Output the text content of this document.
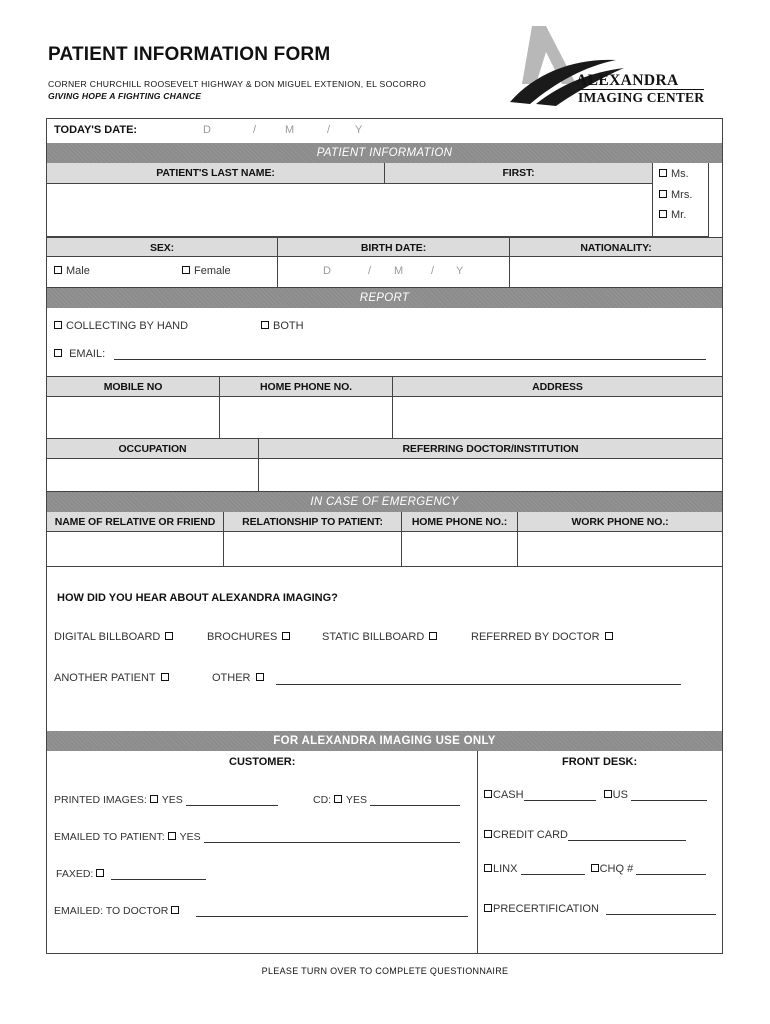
PATIENT INFORMATION FORM
CORNER CHURCHILL ROOSEVELT HIGHWAY & DON MIGUEL EXTENION, EL SOCORRO
GIVING HOPE A FIGHTING CHANCE
ALEXANDRA
IMAGING CENTER
TODAY'S DATE:	D	/	M	/ Y
PATIENT INFORMATION
PATIENT'S LAST NAME:	FIRST:	Ms.
Mrs.
Mr.
SEX:	BIRTH DATE:	NATIONALITY:
Male	Female	D	/ M	/ Y
REPORT
COLLECTING BY HAND	BOTH
EMAIL:
MOBILE NO	HOME PHONE NO.	ADDRESS
OCCUPATION	REFERRING DOCTOR/INSTITUTION
IN CASE OF EMERGENCY
NAME OF RELATIVE OR FRIEND	RELATIONSHIP TO PATIENT:	HOME PHONE NO.:	WORK PHONE NO.:
HOW DID YOU HEAR ABOUT ALEXANDRA IMAGING?
DIGITAL BILLBOARD	BROCHURES	STATIC BILLBOARD	REFERRED BY DOCTOR
ANOTHER PATIENT	OTHER
FOR ALEXANDRA IMAGING USE ONLY
CUSTOMER:	FRONT DESK:
PRINTED IMAGES: YES	CD: YES
EMAILED TO PATIENT: YES
FAXED:
EMAILED: TO DOCTOR
CASH	US
CREDIT CARD
LINX	CHQ #
PRECERTIFICATION
PLEASE TURN OVER TO COMPLETE QUESTIONNAIRE
